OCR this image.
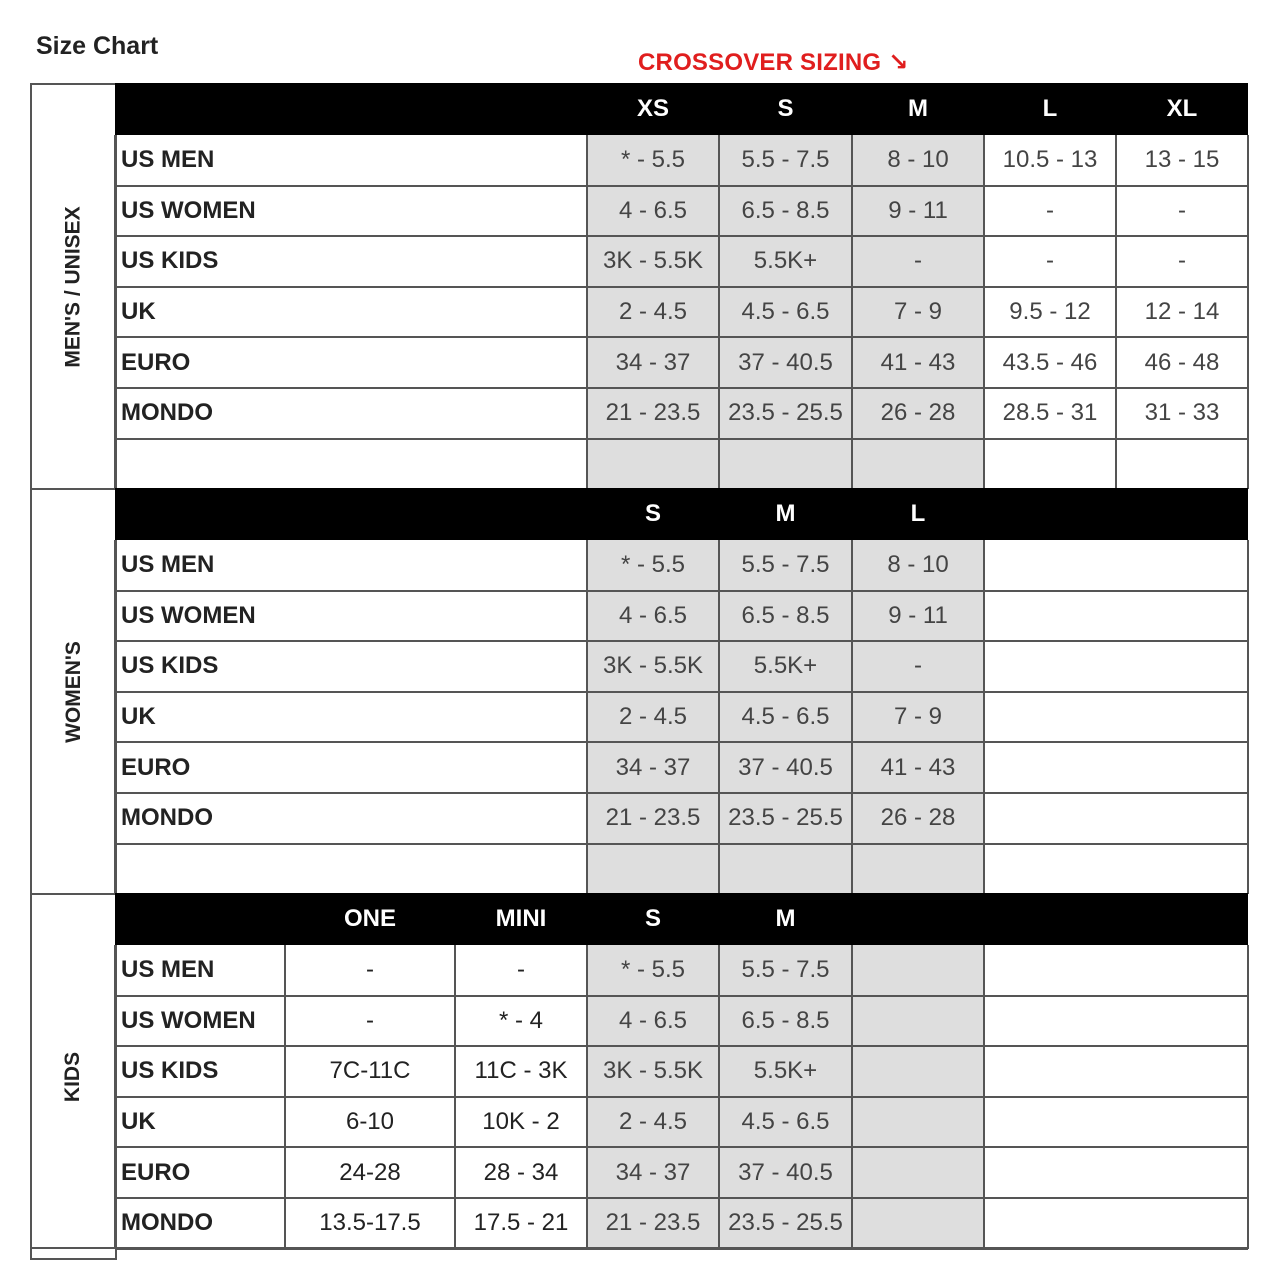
Size Chart
CROSSOVER SIZING ↘
MEN'S / UNISEX
XS	S	M	L	XL
US MEN	* - 5.5	5.5 - 7.5	8 - 10	10.5 - 13	13 - 15
US WOMEN	4 - 6.5	6.5 - 8.5	9 - 11	-	-
US KIDS	3K - 5.5K	5.5K+	-	-	-
UK	2 - 4.5	4.5 - 6.5	7 - 9	9.5 - 12	12 - 14
EURO	34 - 37	37 - 40.5	41 - 43	43.5 - 46	46 - 48
MONDO	21 - 23.5	23.5 - 25.5	26 - 28	28.5 - 31	31 - 33
WOMEN'S
S	M	L
US MEN	* - 5.5	5.5 - 7.5	8 - 10
US WOMEN	4 - 6.5	6.5 - 8.5	9 - 11
US KIDS	3K - 5.5K	5.5K+	-
UK	2 - 4.5	4.5 - 6.5	7 - 9
EURO	34 - 37	37 - 40.5	41 - 43
MONDO	21 - 23.5	23.5 - 25.5	26 - 28
KIDS
ONE	MINI	S	M
US MEN	-	-	* - 5.5	5.5 - 7.5
US WOMEN	-	* - 4	4 - 6.5	6.5 - 8.5
US KIDS	7C-11C	11C - 3K	3K - 5.5K	5.5K+
UK	6-10	10K - 2	2 - 4.5	4.5 - 6.5
EURO	24-28	28 - 34	34 - 37	37 - 40.5
MONDO	13.5-17.5	17.5 - 21	21 - 23.5	23.5 - 25.5
